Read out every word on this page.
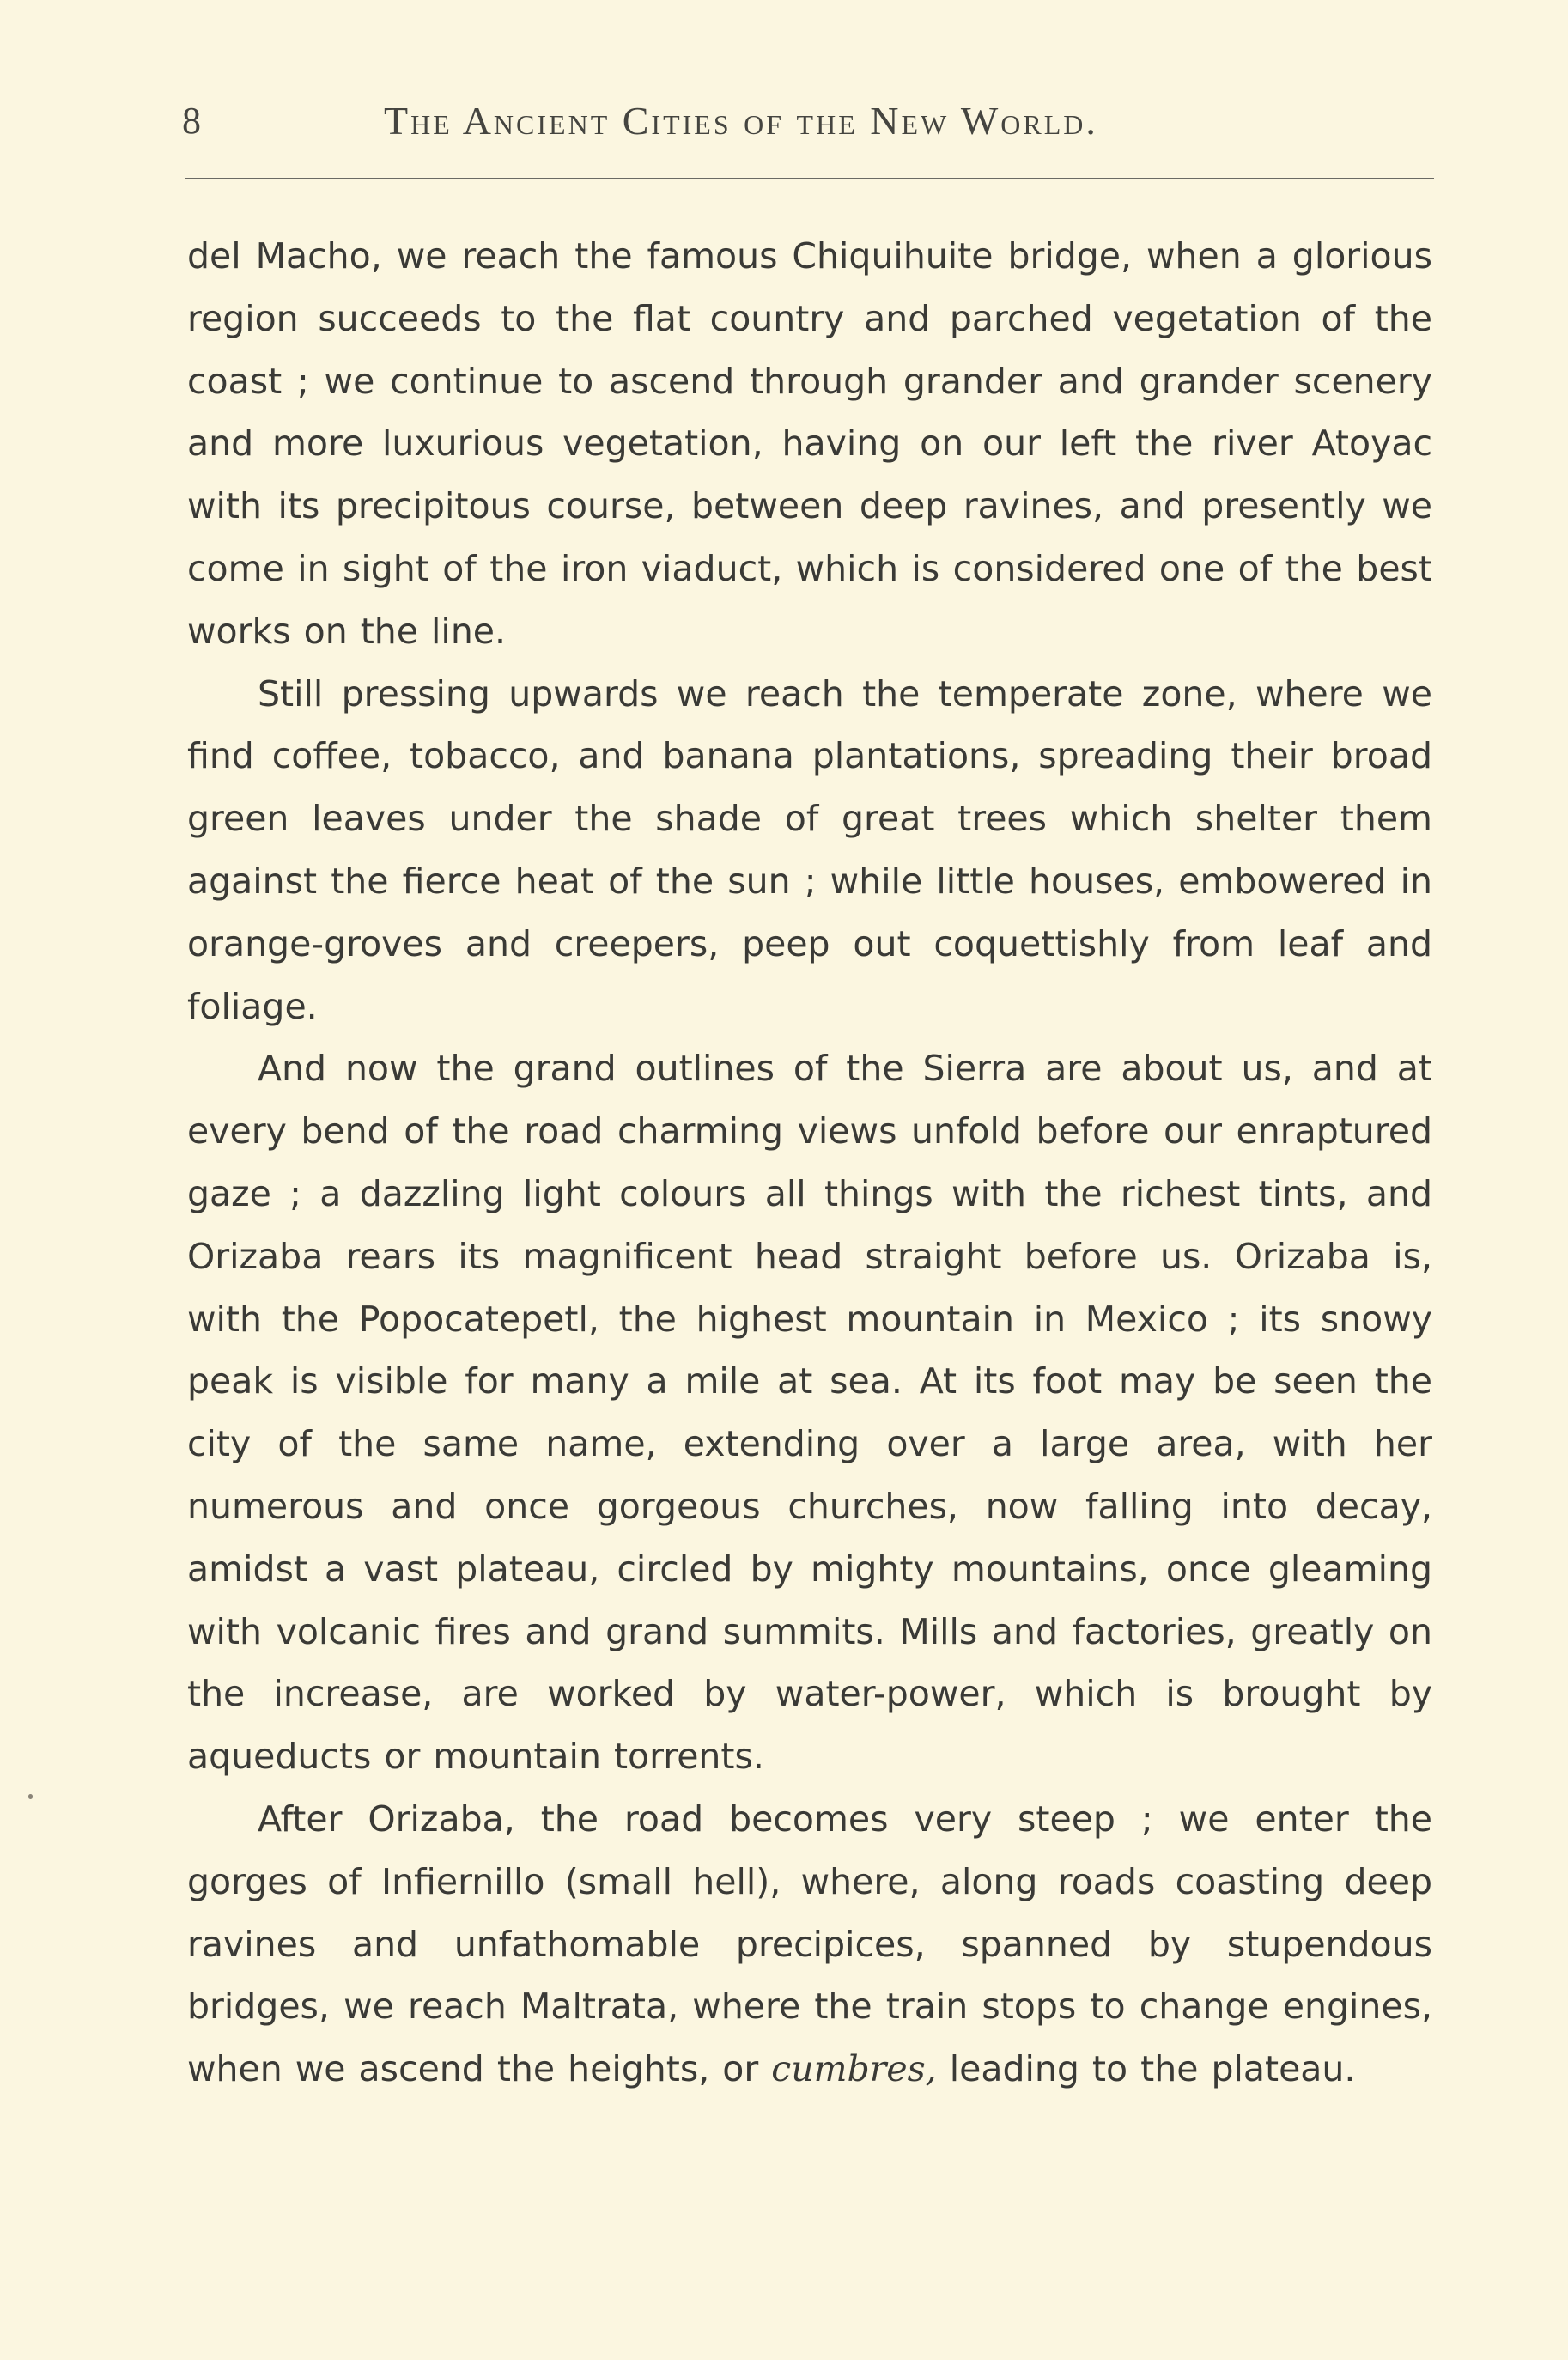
8	The Ancient Cities of the New World.

del Macho, we reach the famous Chiquihuite bridge, when a glorious region succeeds to the flat country and parched vegetation of the coast ; we continue to ascend through grander and grander scenery and more luxurious vegetation, having on our left the river Atoyac with its precipitous course, between deep ravines, and presently we come in sight of the iron viaduct, which is considered one of the best works on the line.

Still pressing upwards we reach the temperate zone, where we find coffee, tobacco, and banana plantations, spreading their broad green leaves under the shade of great trees which shelter them against the fierce heat of the sun ; while little houses, embowered in orange-groves and creepers, peep out coquettishly from leaf and foliage.

And now the grand outlines of the Sierra are about us, and at every bend of the road charming views unfold before our enraptured gaze ; a dazzling light colours all things with the richest tints, and Orizaba rears its magnificent head straight before us. Orizaba is, with the Popocatepetl, the highest mountain in Mexico ; its snowy peak is visible for many a mile at sea. At its foot may be seen the city of the same name, extending over a large area, with her numerous and once gorgeous churches, now falling into decay, amidst a vast plateau, circled by mighty mountains, once gleaming with volcanic fires and grand summits. Mills and factories, greatly on the increase, are worked by water-power, which is brought by aqueducts or mountain torrents.

After Orizaba, the road becomes very steep ; we enter the gorges of Infiernillo (small hell), where, along roads coasting deep ravines and unfathomable precipices, spanned by stupendous bridges, we reach Maltrata, where the train stops to change engines, when we ascend the heights, or cumbres, leading to the plateau.
